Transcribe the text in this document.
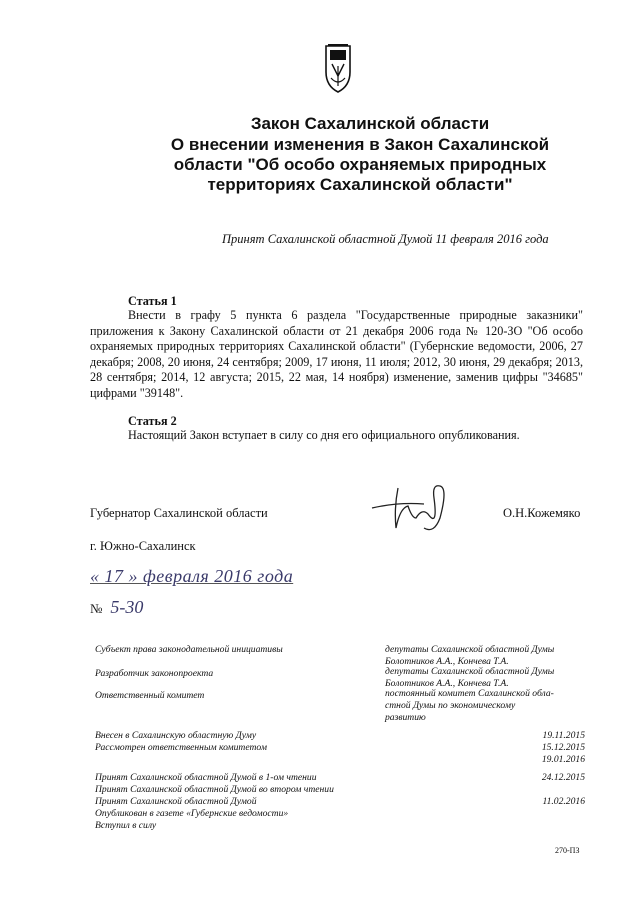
Закон Сахалинской области
О внесении изменения в Закон Сахалинской
области "Об особо охраняемых природных
территориях Сахалинской области"
Принят Сахалинской областной Думой 11 февраля 2016 года
Статья 1
Внести в графу 5 пункта 6 раздела "Государственные природные заказники" приложения к Закону Сахалинской области от 21 декабря 2006 года № 120-ЗО "Об особо охраняемых природных территориях Сахалинской области" (Губернские ведомости, 2006, 27 декабря; 2008, 20 июня, 24 сентября; 2009, 17 июня, 11 июля; 2012, 30 июня, 29 декабря; 2013, 28 сентября; 2014, 12 августа; 2015, 22 мая, 14 ноября) изменение, заменив цифры "34685" цифрами "39148".
Статья 2
Настоящий Закон вступает в силу со дня его официального опубликования.
Губернатор Сахалинской области	О.Н.Кожемяко
г. Южно-Сахалинск
« 17 » февраля 2016 года
№ 5-30
Субъект права законодательной инициативы	депутаты Сахалинской областной Думы
Болотников А.А., Кончева Т.А.
Разработчик законопроекта	депутаты Сахалинской областной Думы
Болотников А.А., Кончева Т.А.
Ответственный комитет	постоянный комитет Сахалинской обла-
стной Думы по экономическому
развитию
Внесен в Сахалинскую областную Думу	19.11.2015
Рассмотрен ответственным комитетом	15.12.2015
19.01.2016
Принят Сахалинской областной Думой в 1-ом чтении	24.12.2015
Принят Сахалинской областной Думой во втором чтении
Принят Сахалинской областной Думой	11.02.2016
Опубликован в газете «Губернские ведомости»
Вступил в силу
270-ПЗ
